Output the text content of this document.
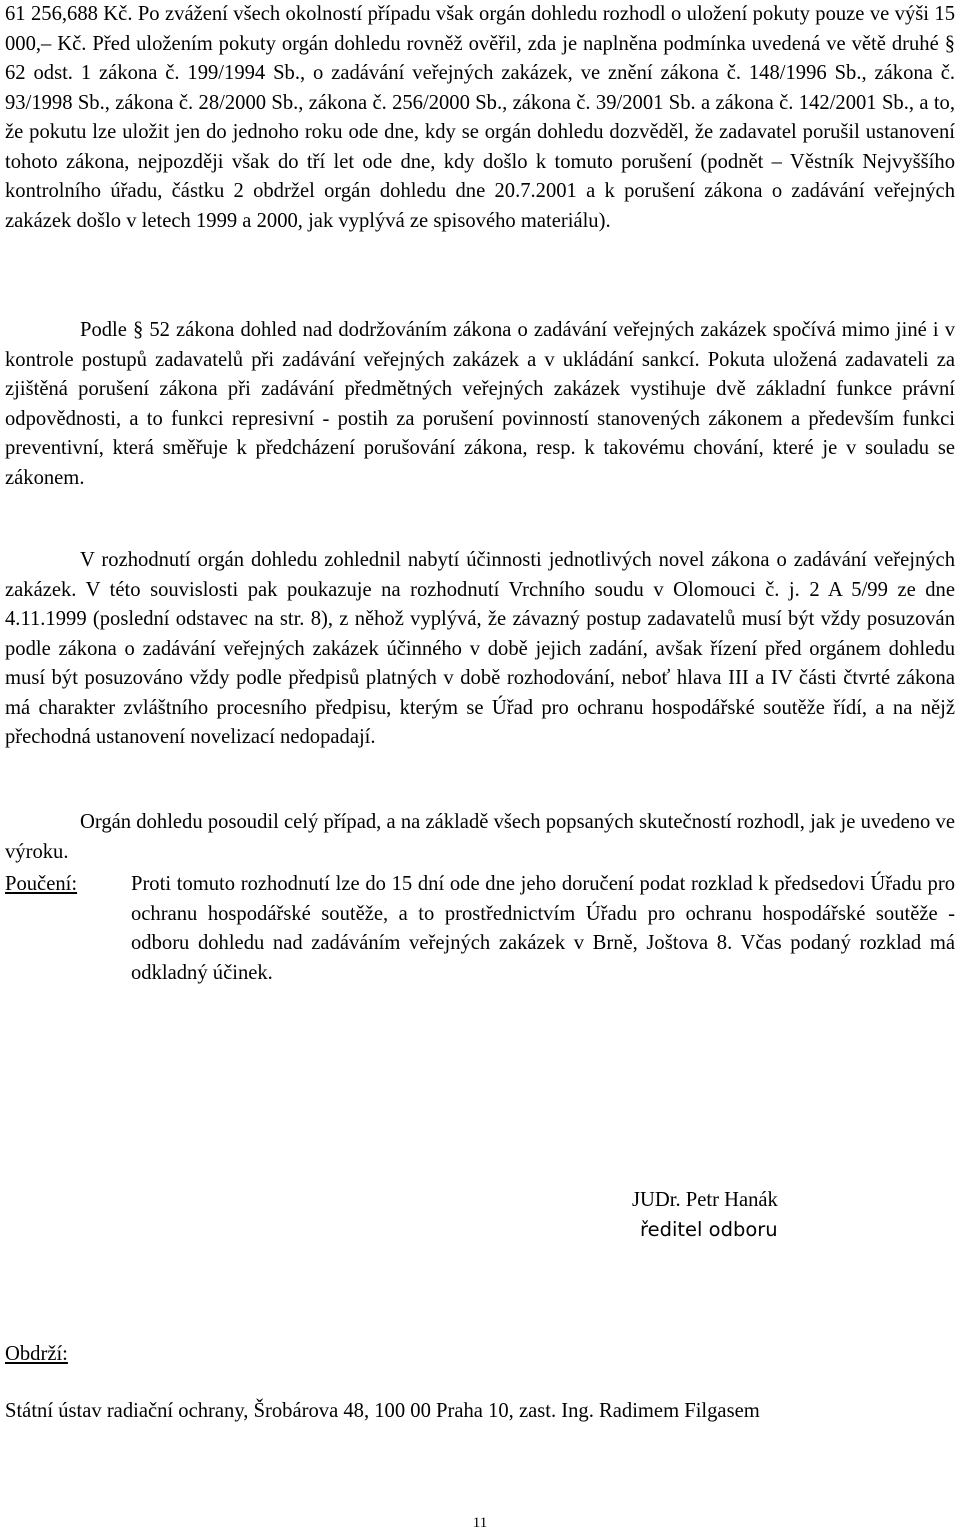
61 256,688 Kč. Po zvážení všech okolností případu však orgán dohledu rozhodl o uložení pokuty pouze ve výši 15 000,– Kč. Před uložením pokuty orgán dohledu rovněž ověřil, zda je naplněna podmínka uvedená ve větě druhé § 62 odst. 1 zákona č. 199/1994 Sb., o zadávání veřejných zakázek, ve znění zákona č. 148/1996 Sb., zákona č. 93/1998 Sb., zákona č. 28/2000 Sb., zákona č. 256/2000 Sb., zákona č. 39/2001 Sb. a zákona č. 142/2001 Sb., a to, že pokutu lze uložit jen do jednoho roku ode dne, kdy se orgán dohledu dozvěděl, že zadavatel porušil ustanovení tohoto zákona, nejpozději však do tří let ode dne, kdy došlo k tomuto porušení (podnět – Věstník Nejvyššího kontrolního úřadu, částku 2 obdržel orgán dohledu dne 20.7.2001 a k porušení zákona o zadávání veřejných zakázek došlo v letech 1999 a 2000, jak vyplývá ze spisového materiálu).

Podle § 52 zákona dohled nad dodržováním zákona o zadávání veřejných zakázek spočívá mimo jiné i v kontrole postupů zadavatelů při zadávání veřejných zakázek a v ukládání sankcí. Pokuta uložená zadavateli za zjištěná porušení zákona při zadávání předmětných veřejných zakázek vystihuje dvě základní funkce právní odpovědnosti, a to funkci represivní - postih za porušení povinností stanovených zákonem a především funkci preventivní, která směřuje k předcházení porušování zákona, resp. k takovému chování, které je v souladu se zákonem.

V rozhodnutí orgán dohledu zohlednil nabytí účinnosti jednotlivých novel zákona o zadávání veřejných zakázek. V této souvislosti pak poukazuje na rozhodnutí Vrchního soudu v Olomouci č. j. 2 A 5/99 ze dne 4.11.1999 (poslední odstavec na str. 8), z něhož vyplývá, že závazný postup zadavatelů musí být vždy posuzován podle zákona o zadávání veřejných zakázek účinného v době jejich zadání, avšak řízení před orgánem dohledu musí být posuzováno vždy podle předpisů platných v době rozhodování, neboť hlava III a IV části čtvrté zákona má charakter zvláštního procesního předpisu, kterým se Úřad pro ochranu hospodářské soutěže řídí, a na nějž přechodná ustanovení novelizací nedopadají.

Orgán dohledu posoudil celý případ, a na základě všech popsaných skutečností rozhodl, jak je uvedeno ve výroku.

Poučení:	Proti tomuto rozhodnutí lze do 15 dní ode dne jeho doručení podat rozklad k předsedovi Úřadu pro ochranu hospodářské soutěže, a to prostřednictvím Úřadu pro ochranu hospodářské soutěže - odboru dohledu nad zadáváním veřejných zakázek v Brně, Joštova 8. Včas podaný rozklad má odkladný účinek.

JUDr. Petr Hanák
ředitel odboru
Obdrží:
Státní ústav radiační ochrany, Šrobárova 48, 100 00 Praha 10, zast. Ing. Radimem Filgasem
11
